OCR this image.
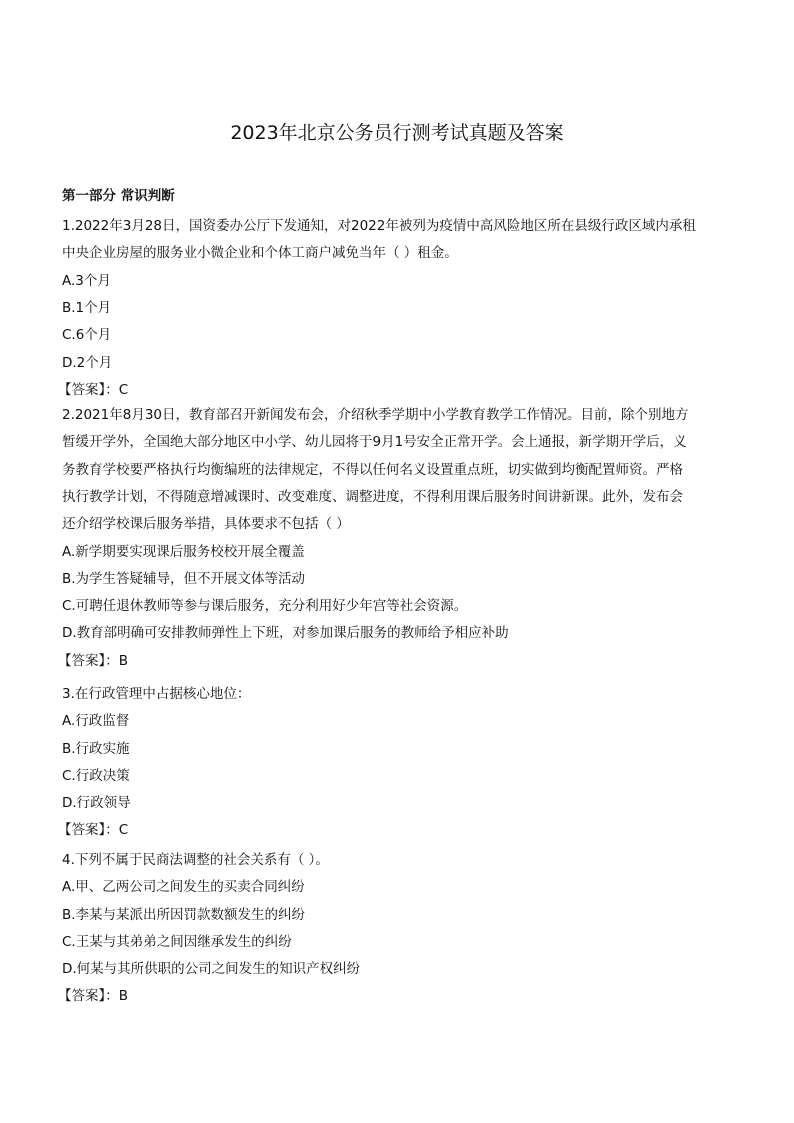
2023年北京公务员行测考试真题及答案
第一部分 常识判断
1.2022年3月28日，国资委办公厅下发通知，对2022年被列为疫情中高风险地区所在县级行政区域内承租
中央企业房屋的服务业小微企业和个体工商户减免当年（ ）租金。
A.3个月
B.1个月
C.6个月
D.2个月
【答案】：C
2.2021年8月30日，教育部召开新闻发布会，介绍秋季学期中小学教育教学工作情况。目前，除个别地方
暂缓开学外，全国绝大部分地区中小学、幼儿园将于9月1号安全正常开学。会上通报，新学期开学后，义
务教育学校要严格执行均衡编班的法律规定，不得以任何名义设置重点班，切实做到均衡配置师资。严格
执行教学计划，不得随意增减课时、改变难度、调整进度，不得利用课后服务时间讲新课。此外，发布会
还介绍学校课后服务举措，具体要求不包括（ ）
A.新学期要实现课后服务校校开展全覆盖
B.为学生答疑辅导，但不开展文体等活动
C.可聘任退休教师等参与课后服务，充分利用好少年宫等社会资源。
D.教育部明确可安排教师弹性上下班，对参加课后服务的教师给予相应补助
【答案】：B
3.在行政管理中占据核心地位：
A.行政监督
B.行政实施
C.行政决策
D.行政领导
【答案】：C
4.下列不属于民商法调整的社会关系有（ ）。
A.甲、乙两公司之间发生的买卖合同纠纷
B.李某与某派出所因罚款数额发生的纠纷
C.王某与其弟弟之间因继承发生的纠纷
D.何某与其所供职的公司之间发生的知识产权纠纷
【答案】：B
